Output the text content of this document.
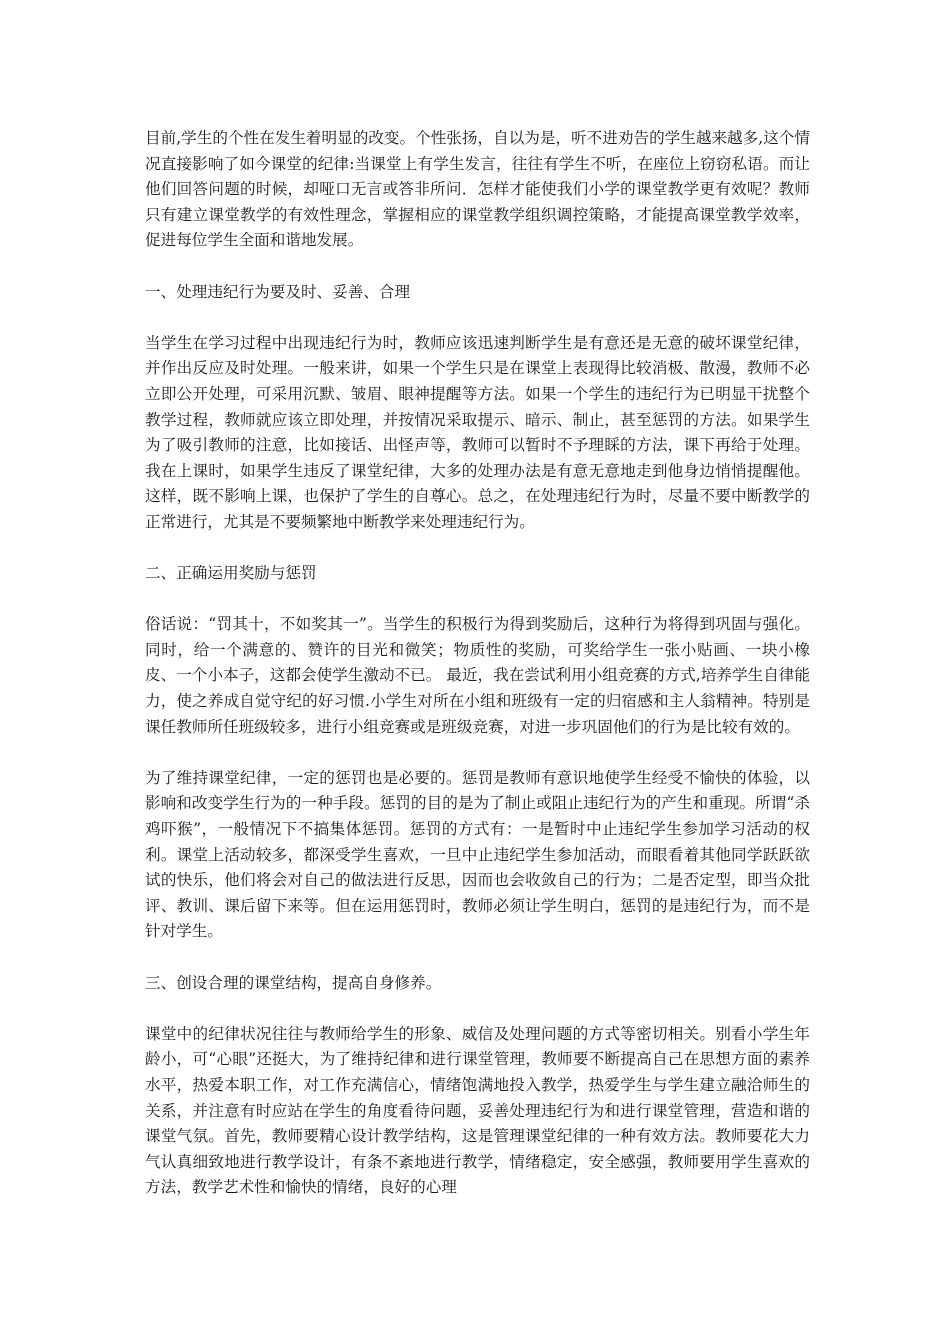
目前,学生的个性在发生着明显的改变。个性张扬，自以为是，听不进劝告的学生越来越多,这个情况直接影响了如今课堂的纪律:当课堂上有学生发言，往往有学生不听，在座位上窃窃私语。而让他们回答问题的时候，却哑口无言或答非所问．怎样才能使我们小学的课堂教学更有效呢？教师只有建立课堂教学的有效性理念，掌握相应的课堂教学组织调控策略，才能提高课堂教学效率，促进每位学生全面和谐地发展。

一、处理违纪行为要及时、妥善、合理

当学生在学习过程中出现违纪行为时，教师应该迅速判断学生是有意还是无意的破坏课堂纪律，并作出反应及时处理。一般来讲，如果一个学生只是在课堂上表现得比较消极、散漫，教师不必立即公开处理，可采用沉默、皱眉、眼神提醒等方法。如果一个学生的违纪行为已明显干扰整个教学过程，教师就应该立即处理，并按情况采取提示、暗示、制止，甚至惩罚的方法。如果学生为了吸引教师的注意，比如接话、出怪声等，教师可以暂时不予理睬的方法，课下再给于处理。我在上课时，如果学生违反了课堂纪律，大多的处理办法是有意无意地走到他身边悄悄提醒他。这样，既不影响上课，也保护了学生的自尊心。总之，在处理违纪行为时，尽量不要中断教学的正常进行，尤其是不要频繁地中断教学来处理违纪行为。

二、正确运用奖励与惩罚

俗话说：“罚其十，不如奖其一”。当学生的积极行为得到奖励后，这种行为将得到巩固与强化。同时，给一个满意的、赞许的目光和微笑；物质性的奖励，可奖给学生一张小贴画、一块小橡皮、一个小本子，这都会使学生激动不已。 最近，我在尝试利用小组竞赛的方式,培养学生自律能力，使之养成自觉守纪的好习惯.小学生对所在小组和班级有一定的归宿感和主人翁精神。特别是课任教师所任班级较多，进行小组竞赛或是班级竞赛，对进一步巩固他们的行为是比较有效的。

为了维持课堂纪律，一定的惩罚也是必要的。惩罚是教师有意识地使学生经受不愉快的体验，以影响和改变学生行为的一种手段。惩罚的目的是为了制止或阻止违纪行为的产生和重现。所谓“杀鸡吓猴”，一般情况下不搞集体惩罚。惩罚的方式有：一是暂时中止违纪学生参加学习活动的权利。课堂上活动较多，都深受学生喜欢，一旦中止违纪学生参加活动，而眼看着其他同学跃跃欲试的快乐，他们将会对自己的做法进行反思，因而也会收敛自己的行为；二是否定型，即当众批评、教训、课后留下来等。但在运用惩罚时，教师必须让学生明白，惩罚的是违纪行为，而不是针对学生。

三、创设合理的课堂结构，提高自身修养。

课堂中的纪律状况往往与教师给学生的形象、威信及处理问题的方式等密切相关。别看小学生年龄小，可“心眼”还挺大，为了维持纪律和进行课堂管理，教师要不断提高自己在思想方面的素养水平，热爱本职工作，对工作充满信心，情绪饱满地投入教学，热爱学生与学生建立融洽师生的关系，并注意有时应站在学生的角度看待问题，妥善处理违纪行为和进行课堂管理，营造和谐的课堂气氛。首先，教师要精心设计教学结构，这是管理课堂纪律的一种有效方法。教师要花大力气认真细致地进行教学设计，有条不紊地进行教学，情绪稳定，安全感强，教师要用学生喜欢的方法，教学艺术性和愉快的情绪，良好的心理
